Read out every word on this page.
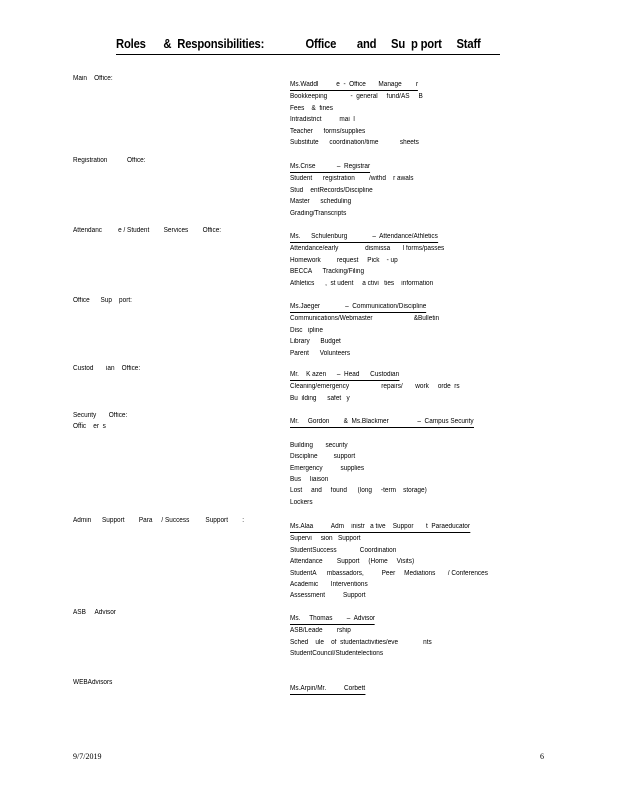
Roles      &  Responsibilities:              Office       and     Su  p port     Staff
Main    Office:
Ms.Waddl          e  -  Office       Manage        r
Bookkeeping             -  general     fund/AS     B
Fees    &  fines
Intradistrict          mai  l
Teacher      forms/supplies
Substitute      coordination/time            sheets
Registration           Office:
Ms.Crise            –  Registrar
Student      registration        /withd    r awals
Stud    entRecords/Discipline
Master      scheduling
Grading/Transcripts
Attendanc         e / Student        Services        Office:
Ms.      Schulenburg              –  Attendance/Athletics
Attendance/early               dismissa       l forms/passes
Homework         request     Pick    - up
BECCA      Tracking/Filing
Athletics      ,  st udent     a ctivi   ties    information
Office      Sup    port:
Ms.Jaeger              –  Communication/Discipline
Communications/Webmaster                       &Bulletin
Disc   ipline
Library      Budget
Parent      Volunteers
Custod       ian    Office:
Mr.    K azen      –  Head      Custodian
Cleaning/emergency                  repairs/       work     orde  rs
Bu  ilding      safet   y
Security       Office:
Offic    er  s
Mr.     Gordon        &  Ms.Blackmer                –  Campus Security
Building       security
Discipline         support
Emergency          supplies
Bus     liaison
Lost     and     found      (long     -term    storage)
Lockers
Admin      Support        Para     / Success         Support        :
Ms.Alaa          Adm    inistr   a tive    Suppor       t  Paraeducator
Supervi     sion   Support
StudentSuccess             Coordination
Attendance        Support     (Home     Visits)
StudentA      mbassadors,          Peer     Mediations       / Conferences
Academic       Interventions
Assessment          Support
ASB     Advisor
Ms.     Thomas        –  Advisor
ASB/Leade        rship
Sched    ule    of  studentactivities/eve              nts
StudentCouncil/Studentelections
WEBAdvisors
Ms.Arpin/Mr.          Corbett
9/7/2019	6
